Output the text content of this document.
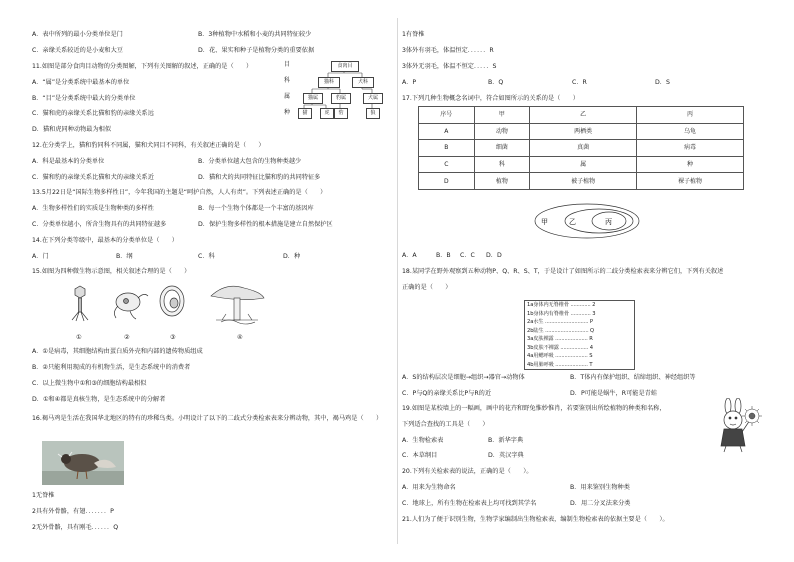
A．表中所列的最小分类单位是门	B．3种植物中水稻和小麦的共同特征较少
C．亲缘关系较近的是小麦和大豆	D．花、果实和种子是植物分类的重要依据
11.如图是部分食肉目动物的分类图解，下列有关图解的叙述，正确的是（　　）
A．“属”是分类系统中最基本的单位
B．“目”是分类系统中最大的分类单位
C．猫和虎的亲缘关系比猫和豹的亲缘关系远
D．猫和虎同种动物最为相似
目
科
属
种
食肉目
猫科	犬科
猫属	豹属	犬属
猫	虎	豹	狼
12.在分类学上，猫和豹同科不同属，猫和犬同目不同科，有关叙述正确的是（　　）
A．科是最基本的分类单位	B．分类单位越大包含的生物种类越少
C．猫和豹的亲缘关系比猫和犬的亲缘关系近	D．猫和犬的共同特征比猫和豹的共同特征多
13.5月22日是“国际生物多样性日”，今年我国的主题是“呵护自然，人人有责”。下列表述正确的是（　　）
A．生物多样性们的实质是生物种类的多样性	B．每一个生物个体都是一个丰富的基因库
C．分类单位越小，所含生物具有的共同特征越多	D．保护生物多样性的根本措施是建立自然保护区
14.在下列分类等级中，最基本的分类单位是（　　）
A．门	B．纲	C．科	D．种
15.如图为四种微生物示意图，相关叙述合理的是（　　）
①	②	③	④
A．①是病毒，其细胞结构由蛋白质外壳和内部的遗传物质组成
B．②只能利用现成的有机物生活，是生态系统中的消费者
C．以上微生物中①和③的细胞结构最相似
D．①和④都是真核生物，是生态系统中的分解者
16.褐马鸡是生活在我国华北地区的特有的珍稀鸟类。小明设计了以下的二歧式分类检索表来分辨动物，其中，褐马鸡是（　　）
1无脊椎
2具有外骨骼，有翅．．．．．．．P
2无外骨骼，具有刚毛．．．．．．Q
1有脊椎
3体外有羽毛，体温恒定．．．．．．R
3体外无羽毛，体温不恒定．．．．．S
A．P	B．Q	C．R	D．S
17.下列几种生物概念名词中，符合如图所示的关系的是（　　）
序号	甲	乙	丙
A	动物	两栖类	乌龟
B	细菌	真菌	病毒
C	科	属	种
D	植物	被子植物	裸子植物
甲	乙	丙
A．A	B．B C．C D．D
18.某同学在野外观察到五种动物P、Q、R、S、T，于是设计了如图所示的二歧分类检索表来分辨它们，下列有关叙述
正确的是（　　）
1a身体内无脊椎骨 ............. 2
1b身体内有脊椎骨 ............. 3
2a水生 ............................ P
2b陆生 ............................ Q
3a皮肤裸露 ..................... R
3b皮肤不裸露 .................. 4
4a用鳃呼吸 ..................... S
4b用肺呼吸 ..................... T
A．S的结构层次是细胞→组织→器官→动物体	B．T体内有保护组织、结缔组织、神经组织等
C．P与Q的亲缘关系比P与R的近	D．P可能是蜗牛，R可能是青蛙
19.如图是某校墙上的一幅画，画中的花卉和野兔惟妙惟肖，若要鉴别出所绘植物的种类和名称，
下列适合查找的工具是（　　）
A．生物检索表	B．新华字典
C．本草纲目	D．英汉字典
20.下列有关检索表的说法，正确的是（　　）。
A．用来为生物命名	B．用来鉴别生物种类
C．地球上，所有生物在检索表上均可找到其学名	D．用二分叉法来分类
21.人们为了便于识别生物，生物学家编制出生物检索表，编制生物检索表的依据主要是（　　）。
